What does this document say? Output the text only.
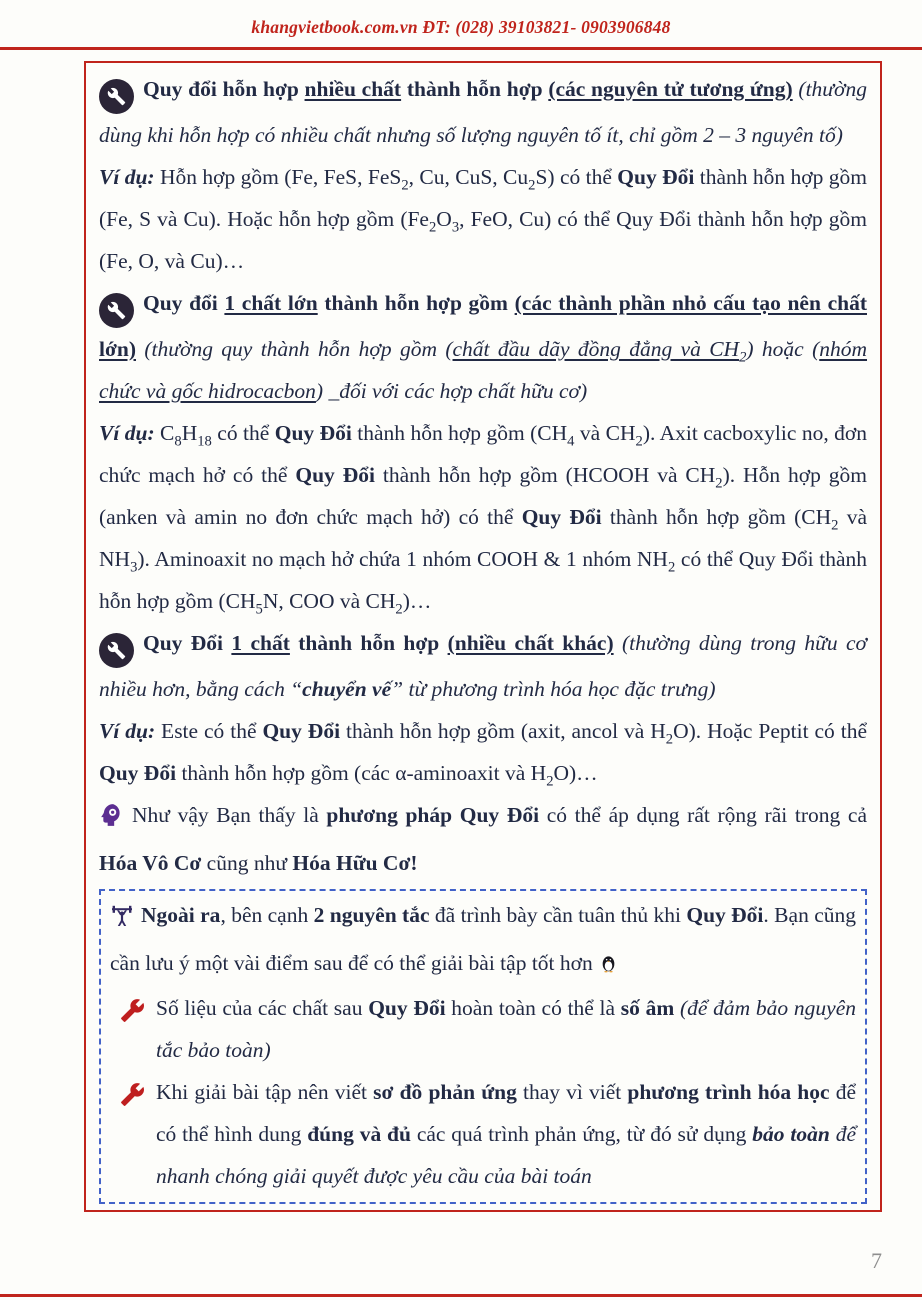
khangvietbook.com.vn ĐT: (028) 39103821- 0903906848

Quy đổi hỗn hợp nhiều chất thành hỗn hợp (các nguyên tử tương ứng) (thường dùng khi hỗn hợp có nhiều chất nhưng số lượng nguyên tố ít, chỉ gồm 2 – 3 nguyên tố)

Ví dụ: Hỗn hợp gồm (Fe, FeS, FeS$_2$, Cu, CuS, $Cu_2S$) có thể Quy Đổi thành hỗn hợp gồm (Fe, S và Cu). Hoặc hỗn hợp gồm ($Fe_2O_3$, FeO, Cu) có thể Quy Đổi thành hỗn hợp gồm (Fe, O, và Cu)…

Quy đổi 1 chất lớn thành hỗn hợp gồm (các thành phần nhỏ cấu tạo nên chất lớn) (thường quy thành hỗn hợp gồm (chất đầu dãy đồng đẳng và $CH_2$) hoặc (nhóm chức và gốc hidrocacbon) _đối với các hợp chất hữu cơ)

Ví dụ: $C_8H_{18}$ có thể Quy Đổi thành hỗn hợp gồm ($CH_4$ và $CH_2$). Axit cacboxylic no, đơn chức mạch hở có thể Quy Đổi thành hỗn hợp gồm (HCOOH và $CH_2$). Hỗn hợp gồm (anken và amin no đơn chức mạch hở) có thể Quy Đổi thành hỗn hợp gồm ($CH_2$ và $NH_3$). Aminoaxit no mạch hở chứa 1 nhóm COOH & 1 nhóm $NH_2$ có thể Quy Đổi thành hỗn hợp gồm ($CH_5N$, COO và $CH_2)\dots$

Quy Đổi 1 chất thành hỗn hợp (nhiều chất khác) (thường dùng trong hữu cơ nhiều hơn, bằng cách “chuyển vế” từ phương trình hóa học đặc trưng)

Ví dụ: Este có thể Quy Đổi thành hỗn hợp gồm (axit, ancol và $H_2O$). Hoặc Peptit có thể Quy Đổi thành hỗn hợp gồm (các α-aminoaxit và $H_2O)\dots$

Như vậy Bạn thấy là phương pháp Quy Đổi có thể áp dụng rất rộng rãi trong cả Hóa Vô Cơ cũng như Hóa Hữu Cơ!

Ngoài ra, bên cạnh 2 nguyên tắc đã trình bày cần tuân thủ khi Quy Đổi. Bạn cũng cần lưu ý một vài điểm sau để có thể giải bài tập tốt hơn

Số liệu của các chất sau Quy Đổi hoàn toàn có thể là số âm (để đảm bảo nguyên tắc bảo toàn)
Khi giải bài tập nên viết sơ đồ phản ứng thay vì viết phương trình hóa học để có thể hình dung đúng và đủ các quá trình phản ứng, từ đó sử dụng bảo toàn để nhanh chóng giải quyết được yêu cầu của bài toán
7
